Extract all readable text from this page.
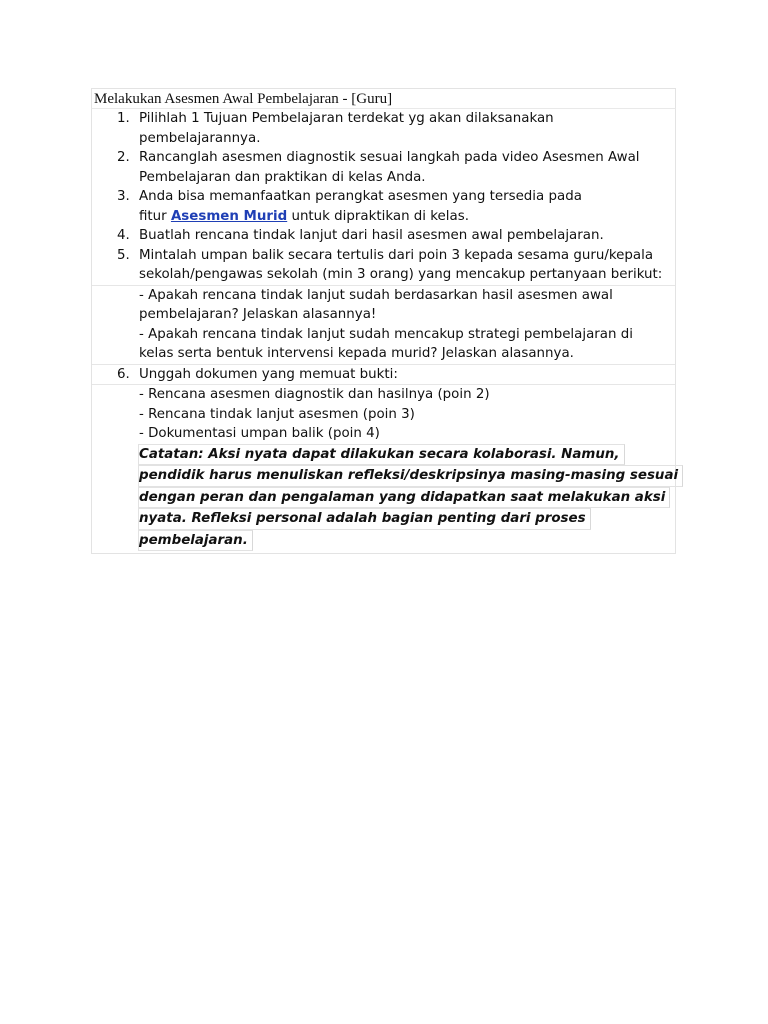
Melakukan Asesmen Awal Pembelajaran - [Guru]
1. Pilihlah 1 Tujuan Pembelajaran terdekat yg akan dilaksanakan
pembelajarannya.
2. Rancanglah asesmen diagnostik sesuai langkah pada video Asesmen Awal
Pembelajaran dan praktikan di kelas Anda.
3. Anda bisa memanfaatkan perangkat asesmen yang tersedia pada
fitur Asesmen Murid untuk dipraktikan di kelas.
4. Buatlah rencana tindak lanjut dari hasil asesmen awal pembelajaran.
5. Mintalah umpan balik secara tertulis dari poin 3 kepada sesama guru/kepala
sekolah/pengawas sekolah (min 3 orang) yang mencakup pertanyaan berikut:
- Apakah rencana tindak lanjut sudah berdasarkan hasil asesmen awal
pembelajaran? Jelaskan alasannya!
- Apakah rencana tindak lanjut sudah mencakup strategi pembelajaran di
kelas serta bentuk intervensi kepada murid? Jelaskan alasannya.
6. Unggah dokumen yang memuat bukti:
- Rencana asesmen diagnostik dan hasilnya (poin 2)
- Rencana tindak lanjut asesmen (poin 3)
- Dokumentasi umpan balik (poin 4)
Catatan: Aksi nyata dapat dilakukan secara kolaborasi. Namun,
pendidik harus menuliskan refleksi/deskripsinya masing-masing sesuai
dengan peran dan pengalaman yang didapatkan saat melakukan aksi
nyata. Refleksi personal adalah bagian penting dari proses
pembelajaran.
